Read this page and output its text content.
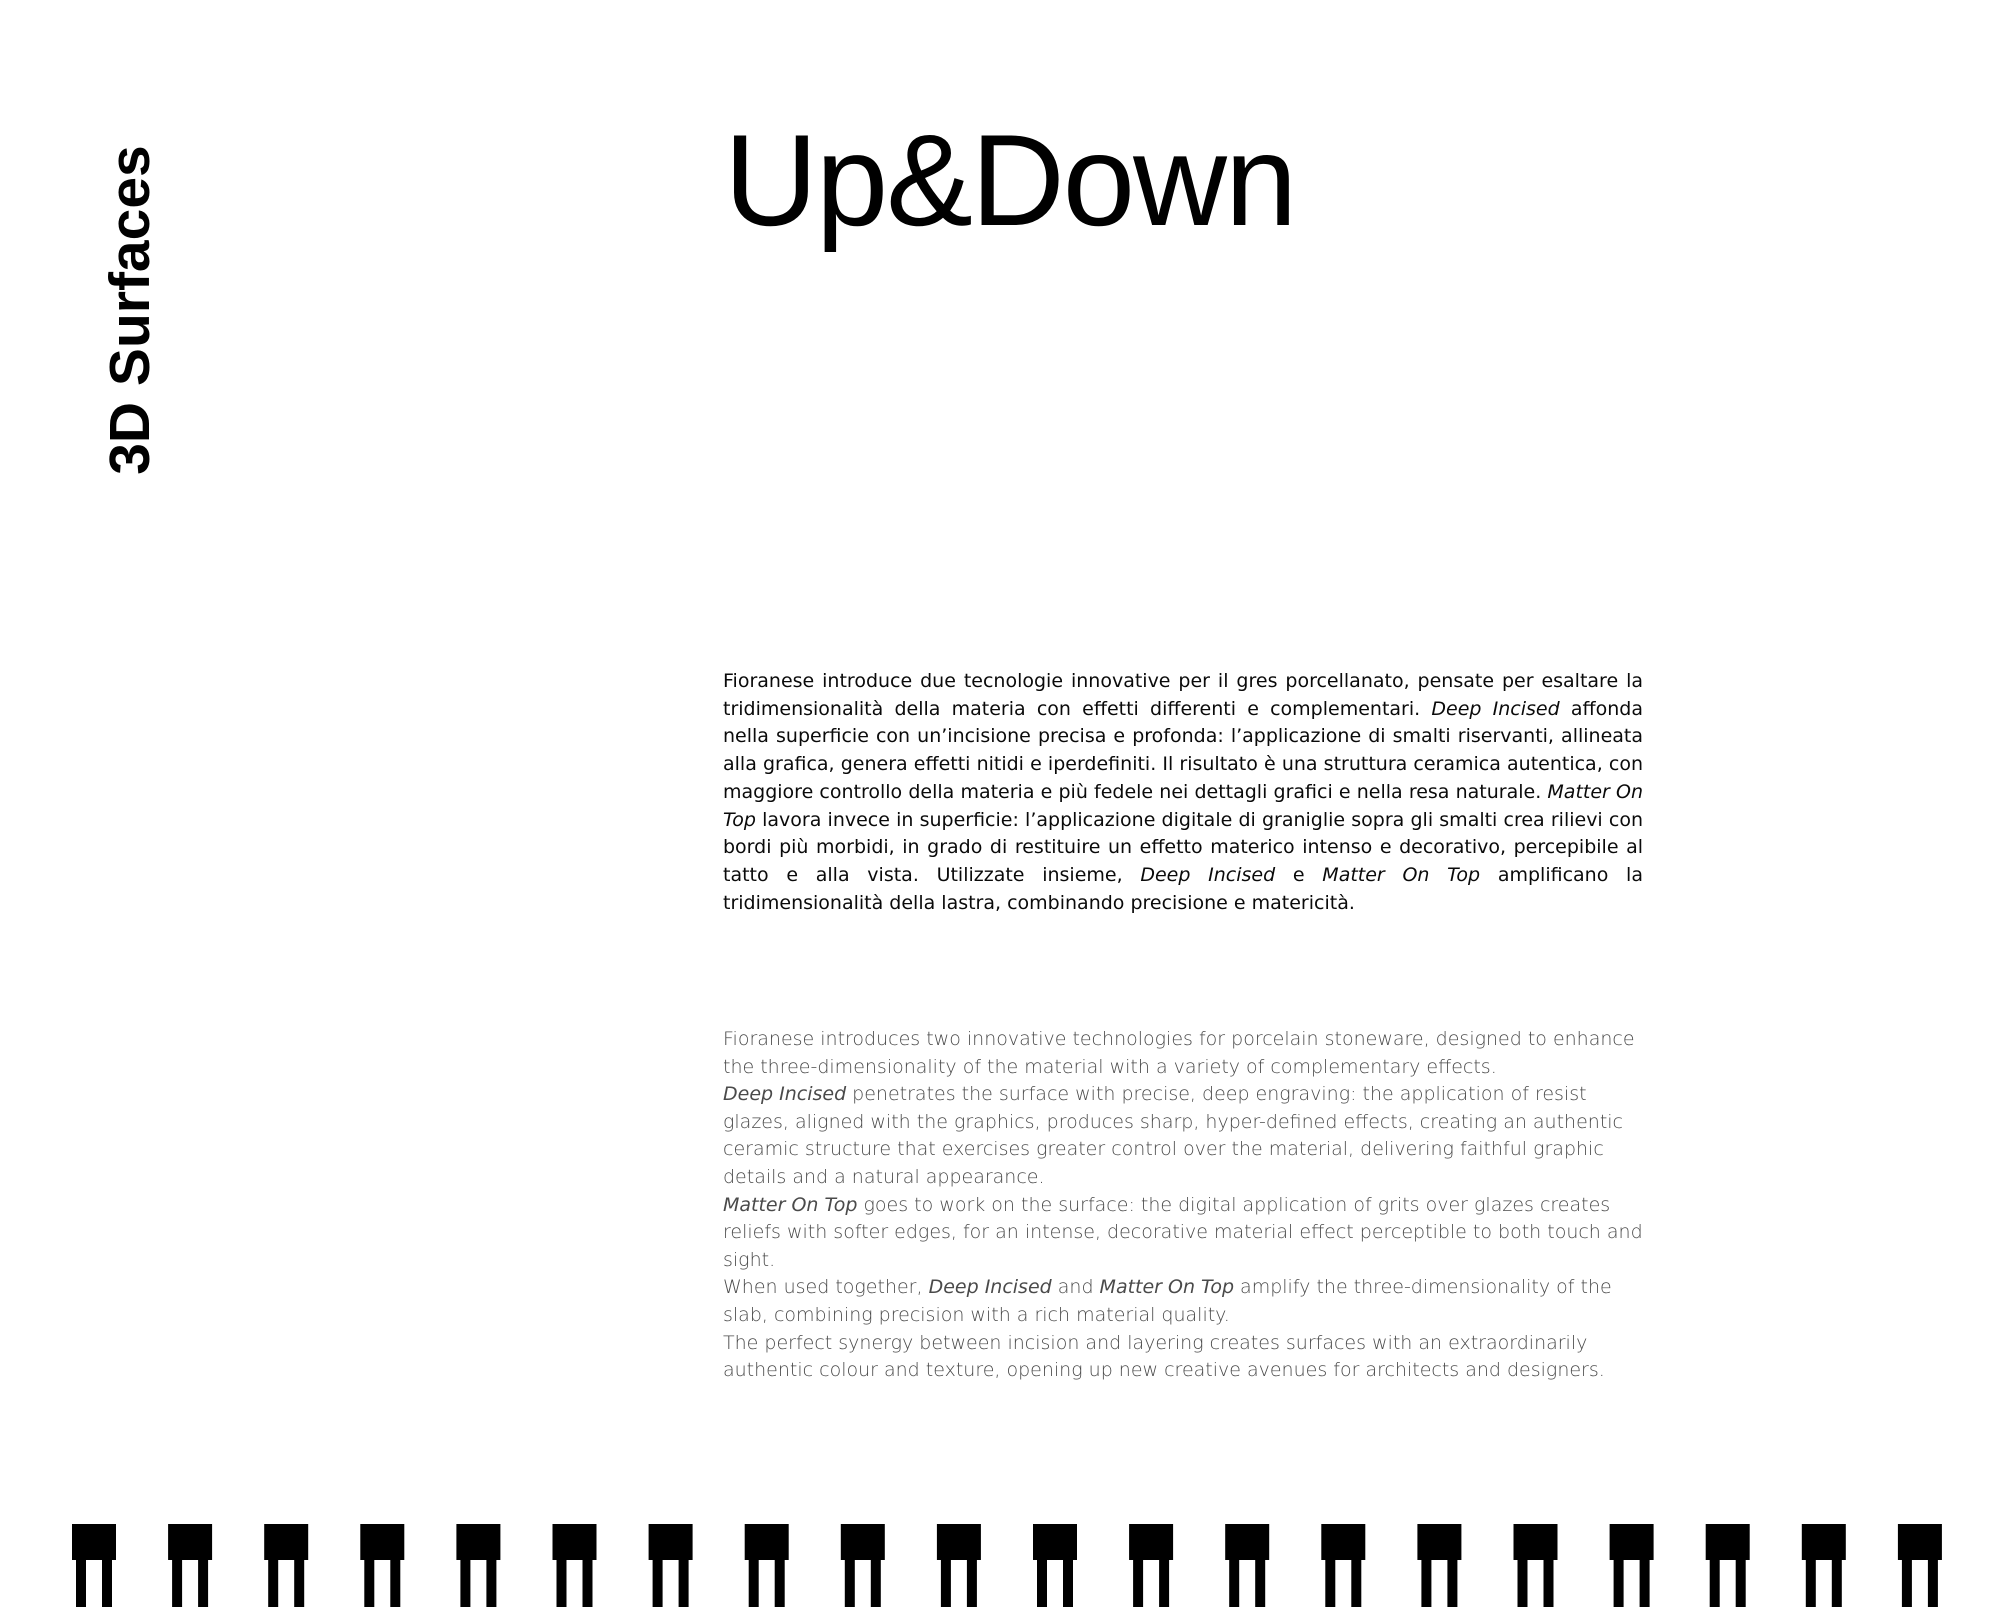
3D Surfaces	Up&Down

Fioranese introduce due tecnologie innovative per il gres porcellanato, pensate per esaltare la tridimensionalità della materia con effetti differenti e complementari. Deep Incised affonda nella superficie con un’incisione precisa e profonda: l’applicazione di smalti riservanti, allineata alla grafica, genera effetti nitidi e iperdefiniti. Il risultato è una struttura ceramica autentica, con maggiore controllo della materia e più fedele nei dettagli grafici e nella resa naturale. Matter On Top lavora invece in superficie: l’applicazione digitale di graniglie sopra gli smalti crea rilievi con bordi più morbidi, in grado di restituire un effetto materico intenso e decorativo, percepibile al tatto e alla vista. Utilizzate insieme, Deep Incised e Matter On Top amplificano la tridimensionalità della lastra, combinando precisione e matericità.

Fioranese introduces two innovative technologies for porcelain stoneware, designed to enhance the three-dimensionality of the material with a variety of complementary effects.

Deep Incised penetrates the surface with precise, deep engraving: the application of resist glazes, aligned with the graphics, produces sharp, hyper-defined effects, creating an authentic ceramic structure that exercises greater control over the material, delivering faithful graphic details and a natural appearance.

Matter On Top goes to work on the surface: the digital application of grits over glazes creates reliefs with softer edges, for an intense, decorative material effect perceptible to both touch and sight.

When used together, Deep Incised and Matter On Top amplify the three-dimensionality of the slab, combining precision with a rich material quality.

The perfect synergy between incision and layering creates surfaces with an extraordinarily authentic colour and texture, opening up new creative avenues for architects and designers.
